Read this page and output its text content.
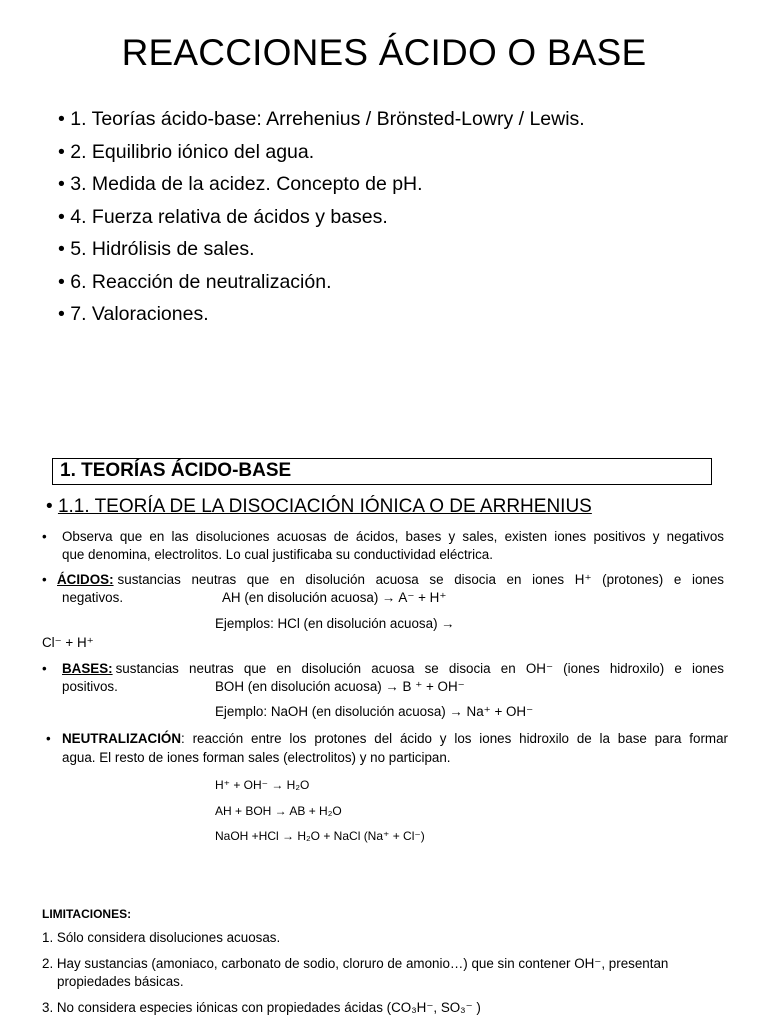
REACCIONES ÁCIDO O BASE
• 1. Teorías ácido-base: Arrehenius / Brönsted-Lowry / Lewis.
• 2. Equilibrio iónico del agua.
• 3. Medida de la acidez. Concepto de pH.
• 4. Fuerza relativa de ácidos y bases.
• 5. Hidrólisis de sales.
• 6. Reacción de neutralización.
• 7. Valoraciones.
1. TEORÍAS ÁCIDO-BASE
• 1.1. TEORÍA DE LA DISOCIACIÓN IÓNICA O DE ARRHENIUS
• Observa que en las disoluciones acuosas de ácidos, bases y sales, existen iones positivos y negativos
que denomina, electrolitos. Lo cual justificaba su conductividad eléctrica.
• ÁCIDOS: sustancias neutras que en disolución acuosa se disocia en iones H⁺ (protones) e iones
negativos.	AH (en disolución acuosa) → A⁻ + H⁺
Ejemplos: HCl (en disolución acuosa) →
Cl⁻ + H⁺
• BASES: sustancias neutras que en disolución acuosa se disocia en OH⁻ (iones hidroxilo) e iones
positivos.	BOH (en disolución acuosa) → B ⁺ + OH⁻
Ejemplo: NaOH (en disolución acuosa) → Na⁺ + OH⁻
• NEUTRALIZACIÓN : reacción entre los protones del ácido y los iones hidroxilo de la base para formar
agua. El resto de iones forman sales (electrolitos) y no participan.
H⁺ + OH⁻ → H₂O
AH + BOH → AB + H₂O
NaOH +HCl → H₂O + NaCl (Na⁺ + Cl⁻)
LIMITACIONES:
1. Sólo considera disoluciones acuosas.
2. Hay sustancias (amoniaco, carbonato de sodio, cloruro de amonio…) que sin contener OH⁻, presentan
propiedades básicas.
3. No considera especies iónicas con propiedades ácidas (CO₃H⁻, SO₃⁻ )
